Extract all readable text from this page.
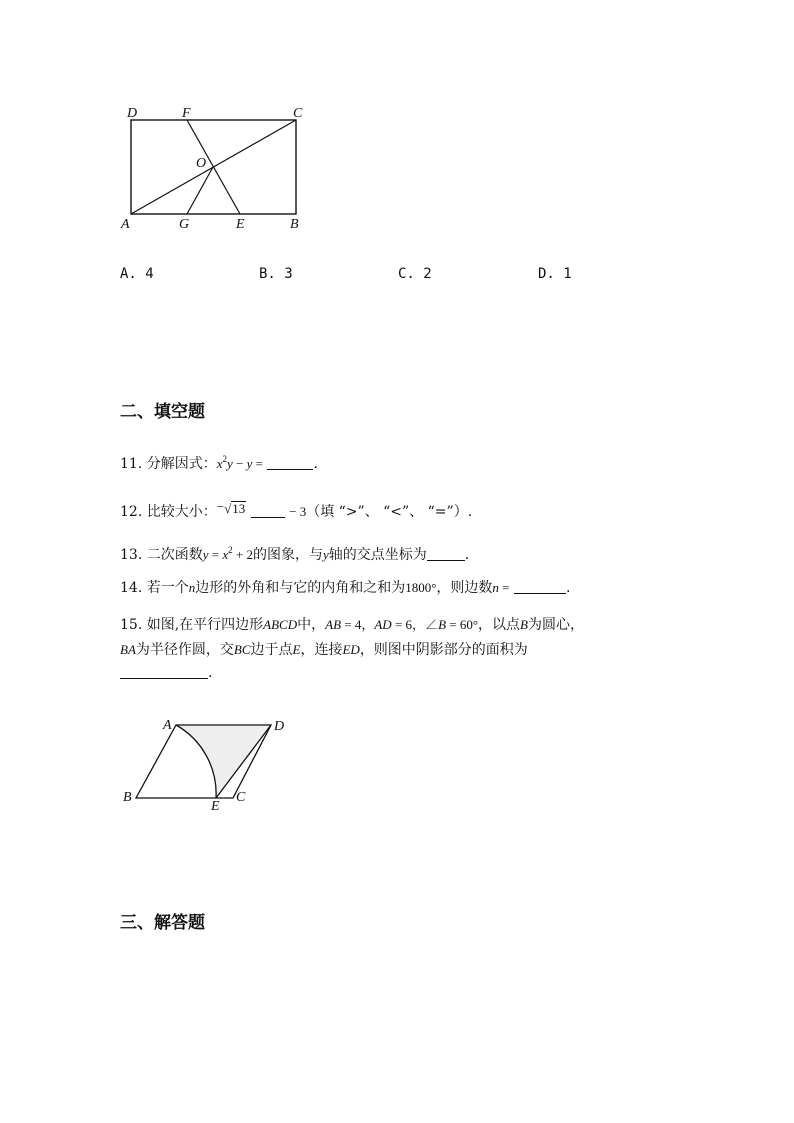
D	F	C
O
A	G	E	B
A. 4	B. 3	C. 2	D. 1
二、填空题
11. 分解因式：$x^2y - y$ =	.
12. 比较大小：−√13	− 3（填 “>”、 “<”、 “=”）.
13. 二次函数$y = x^2 + 2$的图象，与y轴的交点坐标为	.
14. 若一个n边形的外角和与它的内角和之和为1800°，则边数n =	.
15. 如图,在平行四边形ABCD中，AB = 4，AD = 6，∠B = 60°，以点B为圆心，
BA为半径作圆，交BC边于点E，连接ED，则图中阴影部分的面积为
.
A	D
B
E
C
三、解答题
